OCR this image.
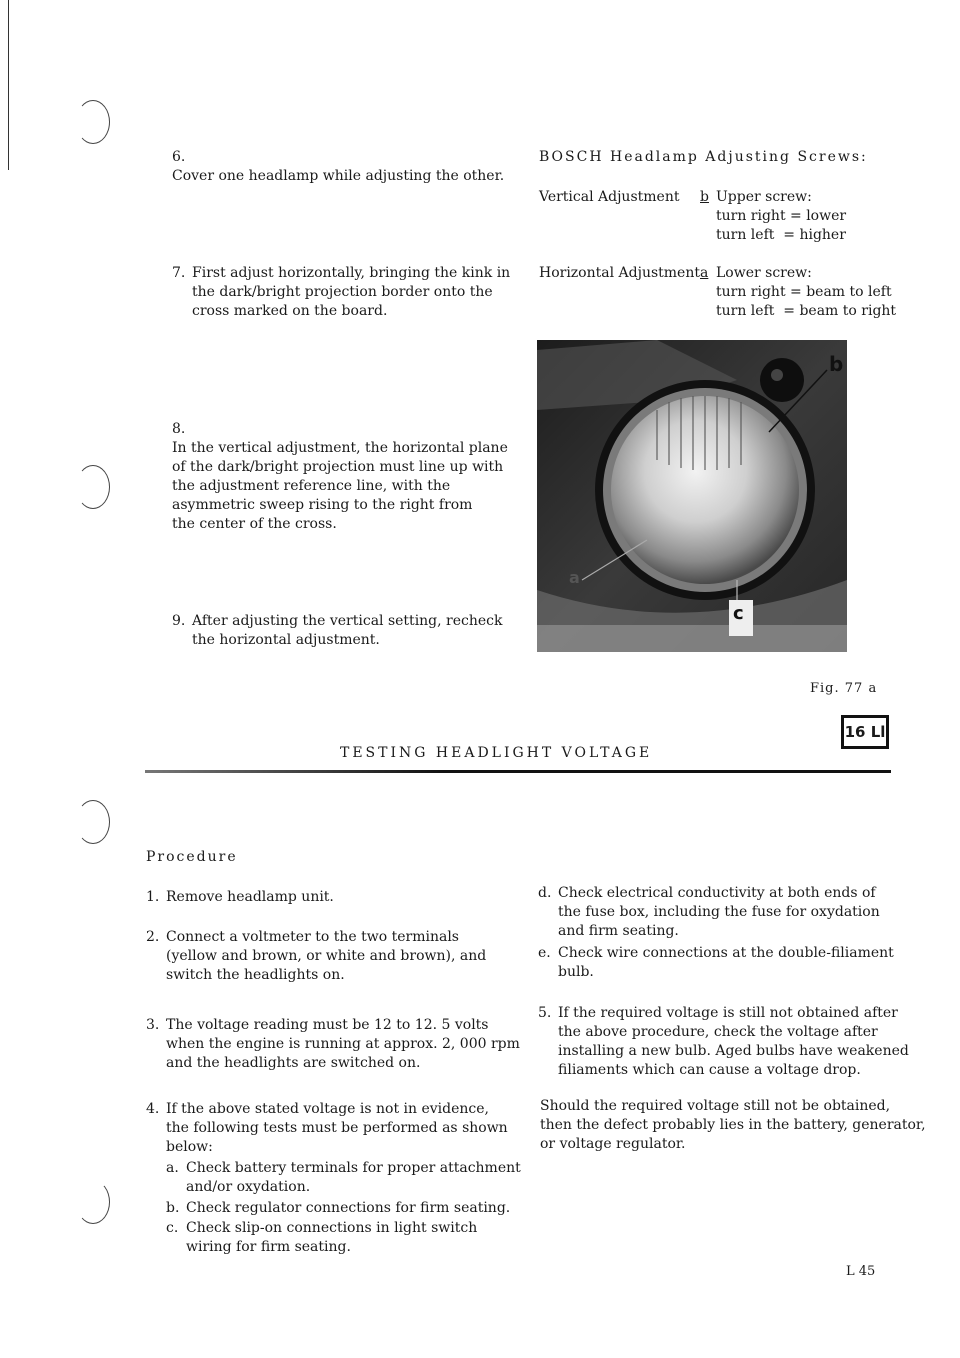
6.Cover one headlamp while adjusting the other.
7. First adjust horizontally, bringing the kink in
the dark/bright projection border onto the
cross marked on the board.
8.In the vertical adjustment, the horizontal plane
of the dark/bright projection must line up with
the adjustment reference line, with the
asymmetric sweep rising to the right from
the center of the cross.
9. After adjusting the vertical setting, recheck
the horizontal adjustment.
BOSCH Headlamp Adjusting Screws:
Vertical Adjustment b Upper screw:
turn right = lower
turn left  = higher
Horizontal Adjustment a Lower screw:
turn right = beam to left
turn left  = beam to right
b
a
c
Fig. 77 a
16 Ll
TESTING HEADLIGHT VOLTAGE
Procedure
1. Remove headlamp unit.
2. Connect a voltmeter to the two terminals
(yellow and brown, or white and brown), and
switch the headlights on.
3. The voltage reading must be 12 to 12. 5 volts
when the engine is running at approx. 2, 000 rpm
and the headlights are switched on.
4. If the above stated voltage is not in evidence,
the following tests must be performed as shown
below:
a. Check battery terminals for proper attachment
and/or oxydation.
b. Check regulator connections for firm seating.
c. Check slip-on connections in light switch
wiring for firm seating.
d. Check electrical conductivity at both ends of
the fuse box, including the fuse for oxydation
and firm seating.
e. Check wire connections at the double-filiament
bulb.
5. If the required voltage is still not obtained after
the above procedure, check the voltage after
installing a new bulb. Aged bulbs have weakened
filiaments which can cause a voltage drop.
Should the required voltage still not be obtained,
then the defect probably lies in the battery, generator,
or voltage regulator.
L 45
